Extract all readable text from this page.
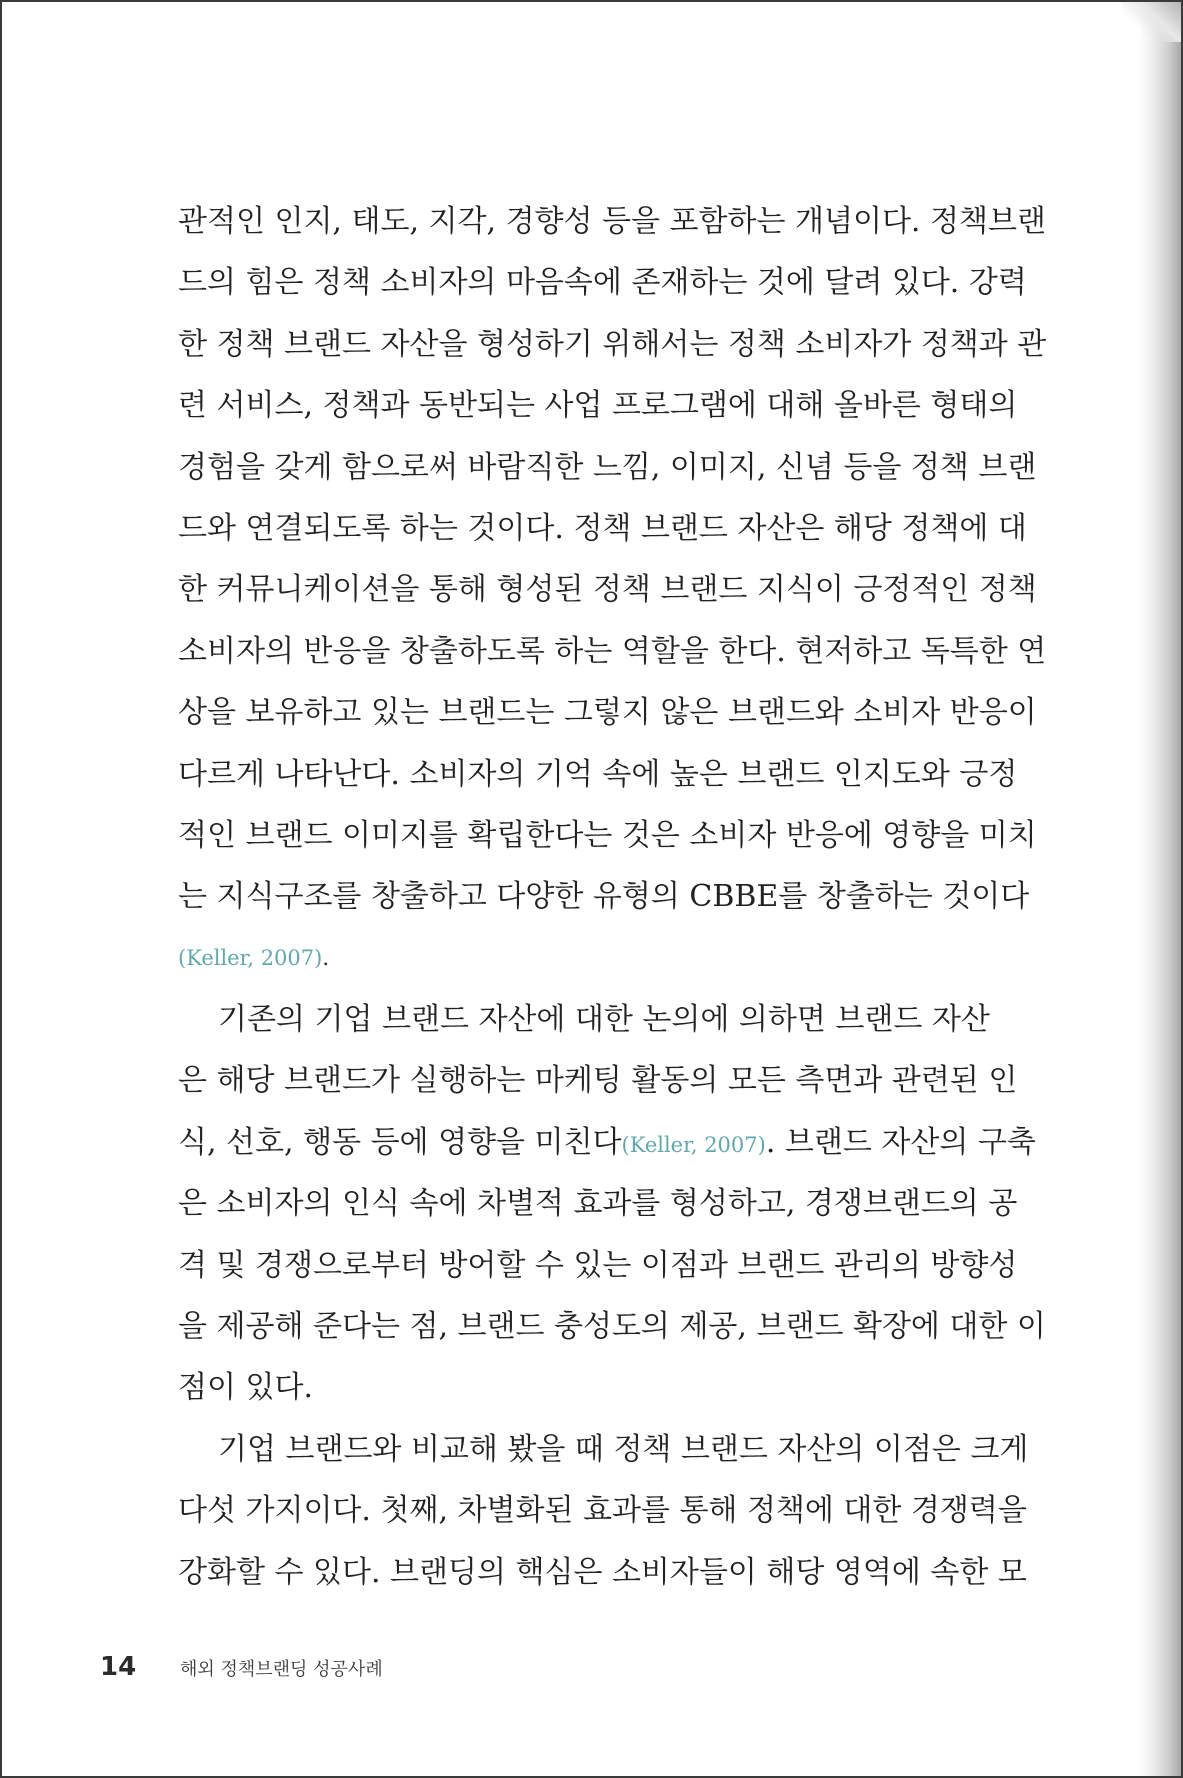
관적인 인지, 태도, 지각, 경향성 등을 포함하는 개념이다. 정책브랜
드의 힘은 정책 소비자의 마음속에 존재하는 것에 달려 있다. 강력
한 정책 브랜드 자산을 형성하기 위해서는 정책 소비자가 정책과 관
련 서비스, 정책과 동반되는 사업 프로그램에 대해 올바른 형태의
경험을 갖게 함으로써 바람직한 느낌, 이미지, 신념 등을 정책 브랜
드와 연결되도록 하는 것이다. 정책 브랜드 자산은 해당 정책에 대
한 커뮤니케이션을 통해 형성된 정책 브랜드 지식이 긍정적인 정책
소비자의 반응을 창출하도록 하는 역할을 한다. 현저하고 독특한 연
상을 보유하고 있는 브랜드는 그렇지 않은 브랜드와 소비자 반응이
다르게 나타난다. 소비자의 기억 속에 높은 브랜드 인지도와 긍정
적인 브랜드 이미지를 확립한다는 것은 소비자 반응에 영향을 미치
는 지식구조를 창출하고 다양한 유형의 CBBE를 창출하는 것이다
(Keller, 2007).
기존의 기업 브랜드 자산에 대한 논의에 의하면 브랜드 자산
은 해당 브랜드가 실행하는 마케팅 활동의 모든 측면과 관련된 인
식, 선호, 행동 등에 영향을 미친다(Keller, 2007). 브랜드 자산의 구축
은 소비자의 인식 속에 차별적 효과를 형성하고, 경쟁브랜드의 공
격 및 경쟁으로부터 방어할 수 있는 이점과 브랜드 관리의 방향성
을 제공해 준다는 점, 브랜드 충성도의 제공, 브랜드 확장에 대한 이
점이 있다.
기업 브랜드와 비교해 봤을 때 정책 브랜드 자산의 이점은 크게
다섯 가지이다. 첫째, 차별화된 효과를 통해 정책에 대한 경쟁력을
강화할 수 있다. 브랜딩의 핵심은 소비자들이 해당 영역에 속한 모
14	해외 정책브랜딩 성공사례
